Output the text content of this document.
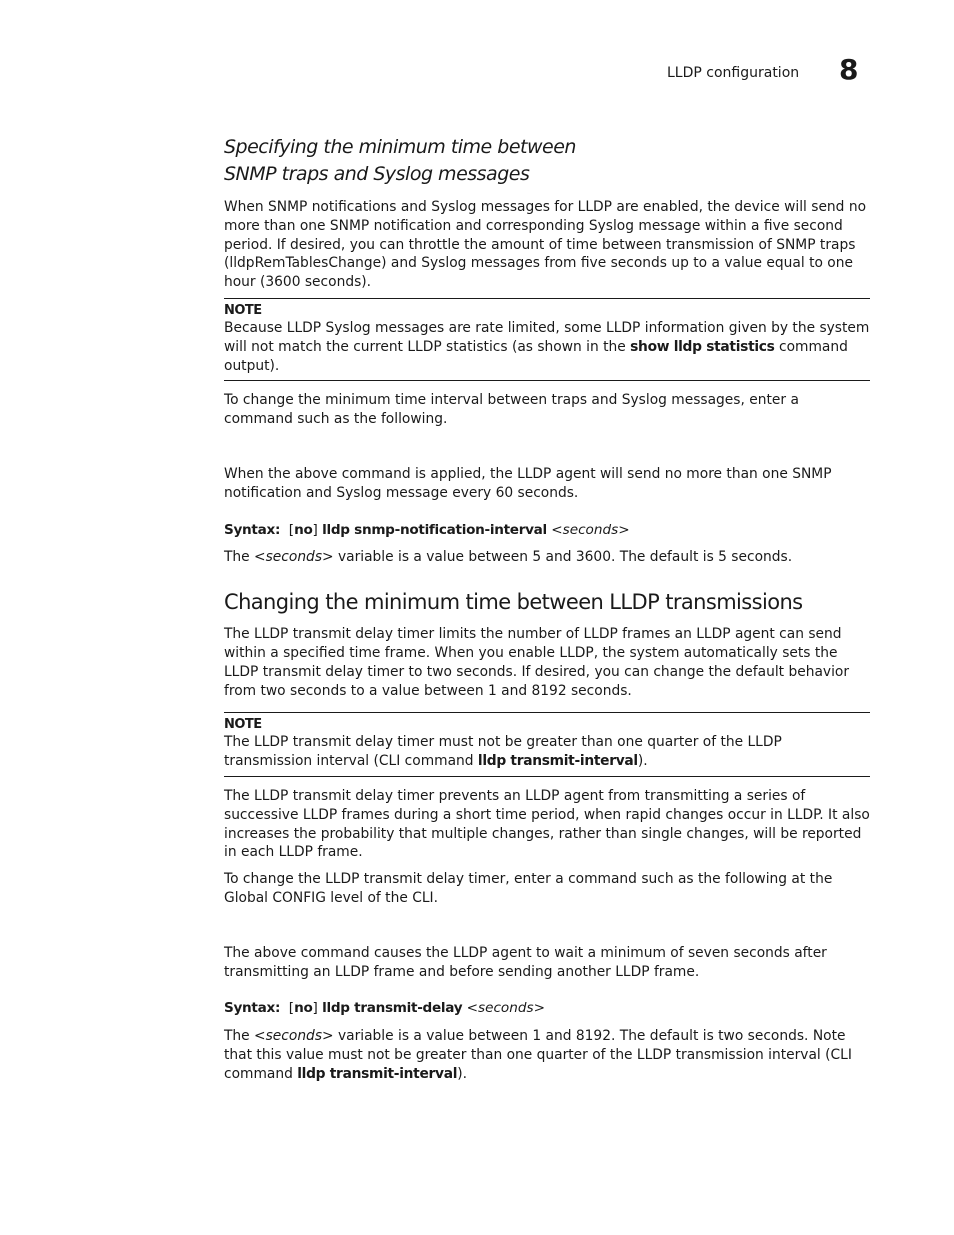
LLDP configuration 8
Specifying the minimum time between
SNMP traps and Syslog messages

When SNMP notifications and Syslog messages for LLDP are enabled, the device will send no more than one SNMP notification and corresponding Syslog message within a five second period. If desired, you can throttle the amount of time between transmission of SNMP traps (lldpRemTablesChange) and Syslog messages from five seconds up to a value equal to one hour (3600 seconds).

NOTE

Because LLDP Syslog messages are rate limited, some LLDP information given by the system will not match the current LLDP statistics (as shown in the show lldp statistics command output).

To change the minimum time interval between traps and Syslog messages, enter a command such as the following.

When the above command is applied, the LLDP agent will send no more than one SNMP notification and Syslog message every 60 seconds.

Syntax: [no] lldp snmp-notification-interval <seconds>

The <seconds> variable is a value between 5 and 3600. The default is 5 seconds.

Changing the minimum time between LLDP transmissions

The LLDP transmit delay timer limits the number of LLDP frames an LLDP agent can send within a specified time frame. When you enable LLDP, the system automatically sets the LLDP transmit delay timer to two seconds. If desired, you can change the default behavior from two seconds to a value between 1 and 8192 seconds.

NOTE

The LLDP transmit delay timer must not be greater than one quarter of the LLDP transmission interval (CLI command lldp transmit-interval).

The LLDP transmit delay timer prevents an LLDP agent from transmitting a series of successive LLDP frames during a short time period, when rapid changes occur in LLDP. It also increases the probability that multiple changes, rather than single changes, will be reported in each LLDP frame.

To change the LLDP transmit delay timer, enter a command such as the following at the Global CONFIG level of the CLI.

The above command causes the LLDP agent to wait a minimum of seven seconds after transmitting an LLDP frame and before sending another LLDP frame.

Syntax: [no] lldp transmit-delay <seconds>

The <seconds> variable is a value between 1 and 8192. The default is two seconds. Note that this value must not be greater than one quarter of the LLDP transmission interval (CLI command lldp transmit-interval).
